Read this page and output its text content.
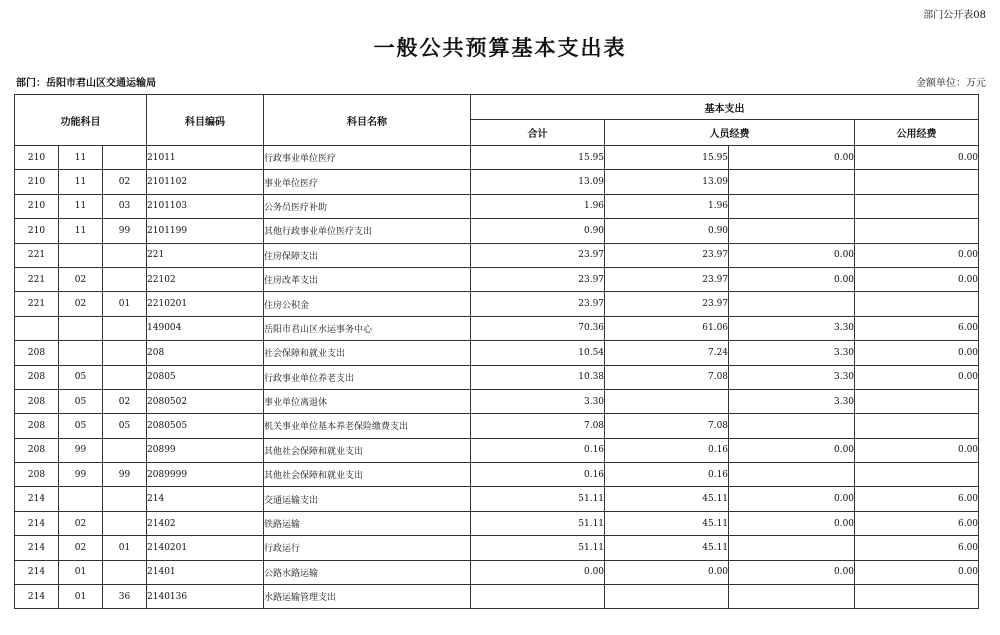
部门公开表08
一般公共预算基本支出表
部门：岳阳市君山区交通运输局	金额单位：万元
功能科目			科目编码	科目名称	基本支出			
					合计	人员经费		公用经费
210	11		21011	行政事业单位医疗	15.95	15.95	0.00	0.00
210	11	02	2101102	事业单位医疗	13.09	13.09		
210	11	03	2101103	公务员医疗补助	1.96	1.96		
210	11	99	2101199	其他行政事业单位医疗支出	0.90	0.90		
221			221	住房保障支出	23.97	23.97	0.00	0.00
221	02		22102	住房改革支出	23.97	23.97	0.00	0.00
221	02	01	2210201	住房公积金	23.97	23.97		
			149004	岳阳市君山区水运事务中心	70.36	61.06	3.30	6.00
208			208	社会保障和就业支出	10.54	7.24	3.30	0.00
208	05		20805	行政事业单位养老支出	10.38	7.08	3.30	0.00
208	05	02	2080502	事业单位离退休	3.30		3.30	
208	05	05	2080505	机关事业单位基本养老保险缴费支出	7.08	7.08		
208	99		20899	其他社会保障和就业支出	0.16	0.16	0.00	0.00
208	99	99	2089999	其他社会保障和就业支出	0.16	0.16		
214			214	交通运输支出	51.11	45.11	0.00	6.00
214	02		21402	铁路运输	51.11	45.11	0.00	6.00
214	02	01	2140201	行政运行	51.11	45.11		6.00
214	01		21401	公路水路运输	0.00	0.00	0.00	0.00
214	01	36	2140136	水路运输管理支出				
